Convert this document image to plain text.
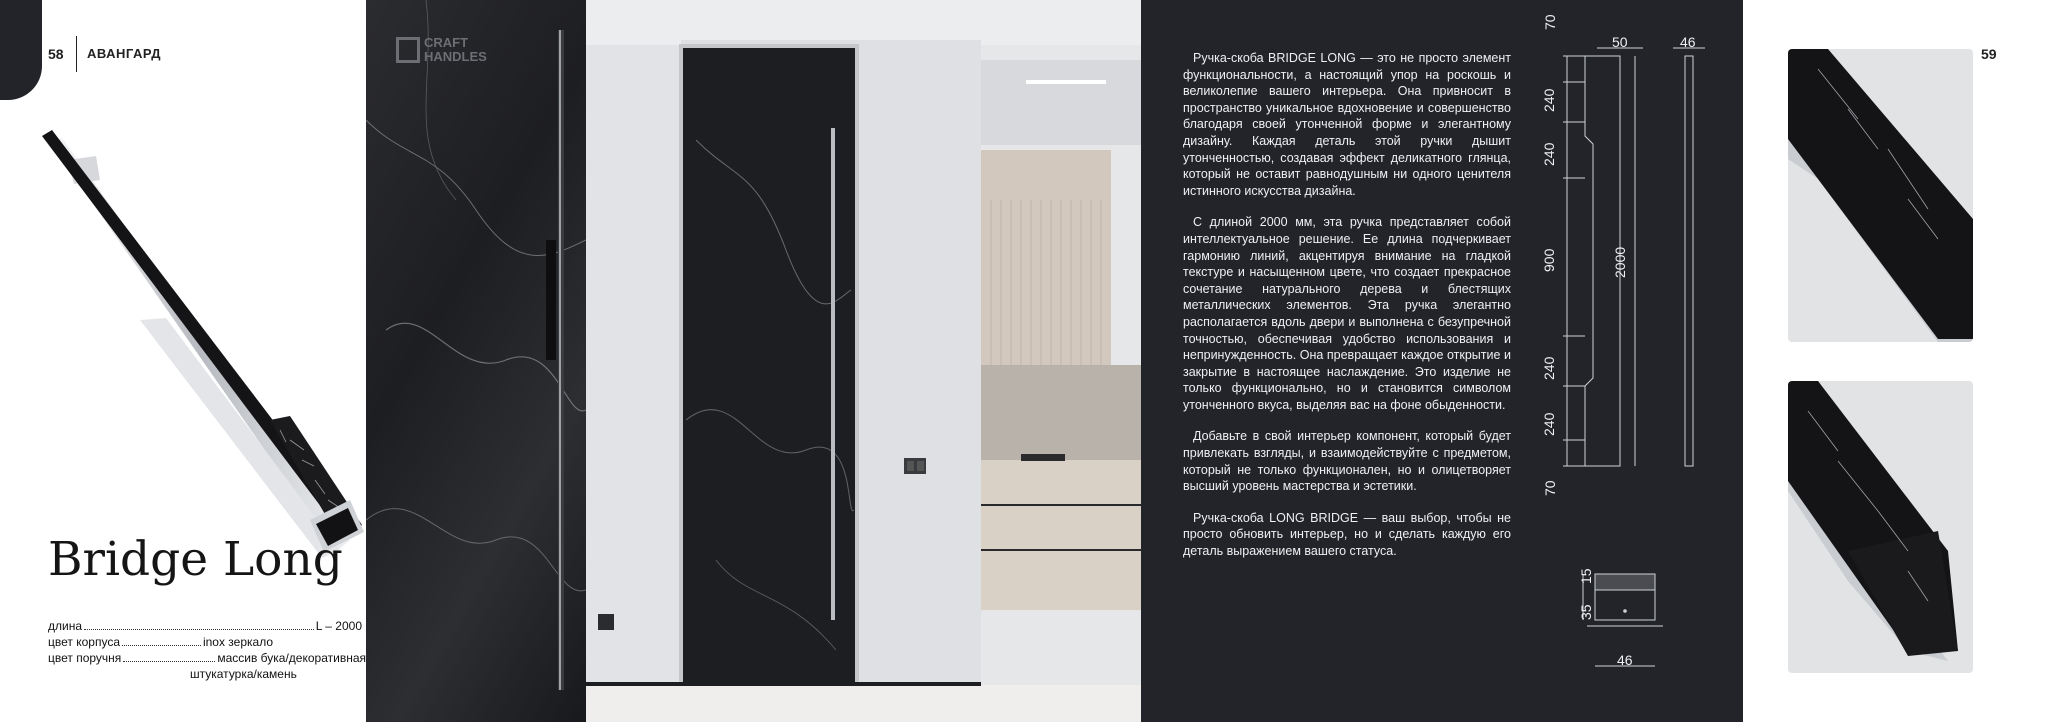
58 АВАНГАРД
Bridge Long
длина	L – 2000
цвет корпуса	inox зеркало
цвет поручня	массив бука/декоративная
штукатурка/камень
CRAFT
HANDLES	Ручка-скоба BRIDGE LONG — это не просто элемент функциональности, а настоящий упор на роскошь и великолепие вашего интерьера. Она привносит в пространство уникальное вдохновение и совершенство благодаря своей утонченной форме и элегантному дизайну. Каждая деталь этой ручки дышит утонченностью, создавая эффект деликатного глянца, который не оставит равнодушным ни одного ценителя истинного искусства дизайна.

С длиной 2000 мм, эта ручка представляет собой интеллектуальное решение. Ее длина подчеркивает гармонию линий, акцентируя внимание на гладкой текстуре и насыщенном цвете, что создает прекрасное сочетание натурального дерева и блестящих металлических элементов. Эта ручка элегантно располагается вдоль двери и выполнена с безупречной точностью, обеспечивая удобство использования и непринужденность. Она превращает каждое открытие и закрытие в настоящее наслаждение. Это изделие не только функционально, но и становится символом утонченного вкуса, выделяя вас на фоне обыденности.

Добавьте в свой интерьер компонент, который будет привлекать взгляды, и взаимодействуйте с предметом, который не только функционален, но и олицетворяет высший уровень мастерства и эстетики.

Ручка-скоба LONG BRIDGE — ваш выбор, чтобы не просто обновить интерьер, но и сделать каждую его деталь выражением вашего статуса.

50	46
70
240
240
900
240
240
70
2000
15
35
46
59
